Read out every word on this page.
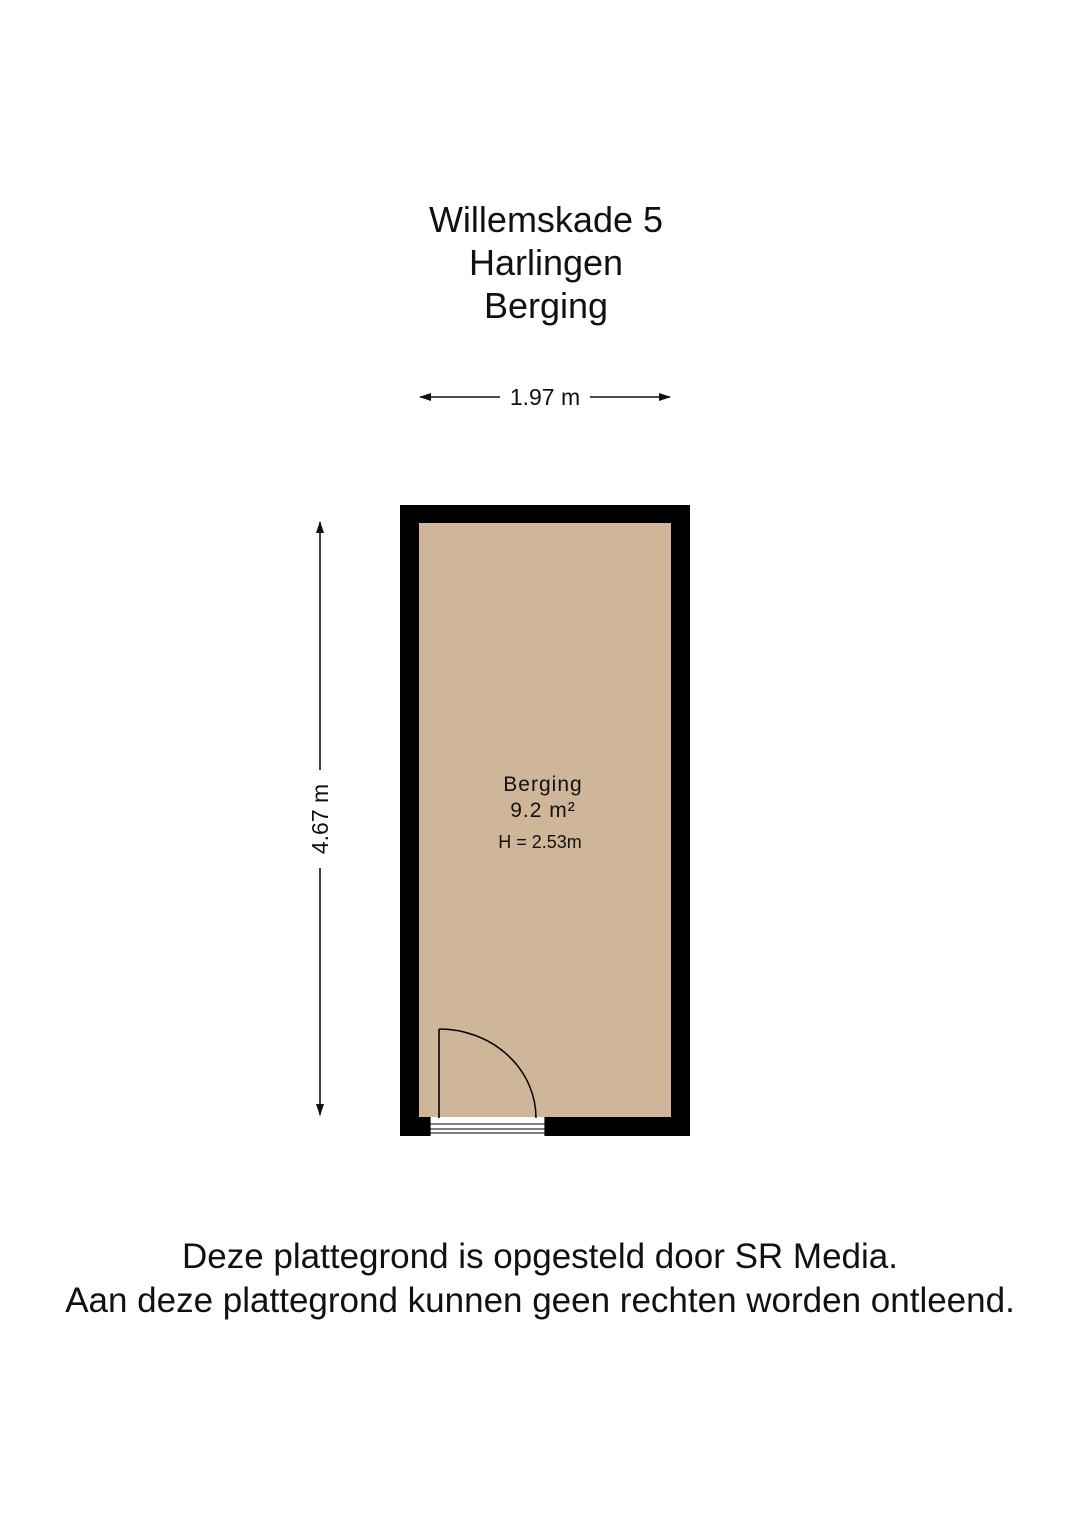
Willemskade 5
Harlingen
Berging
1.97 m
4.67 m	Berging
9.2 m²
H = 2.53m
Deze plattegrond is opgesteld door SR Media.
Aan deze plattegrond kunnen geen rechten worden ontleend.
